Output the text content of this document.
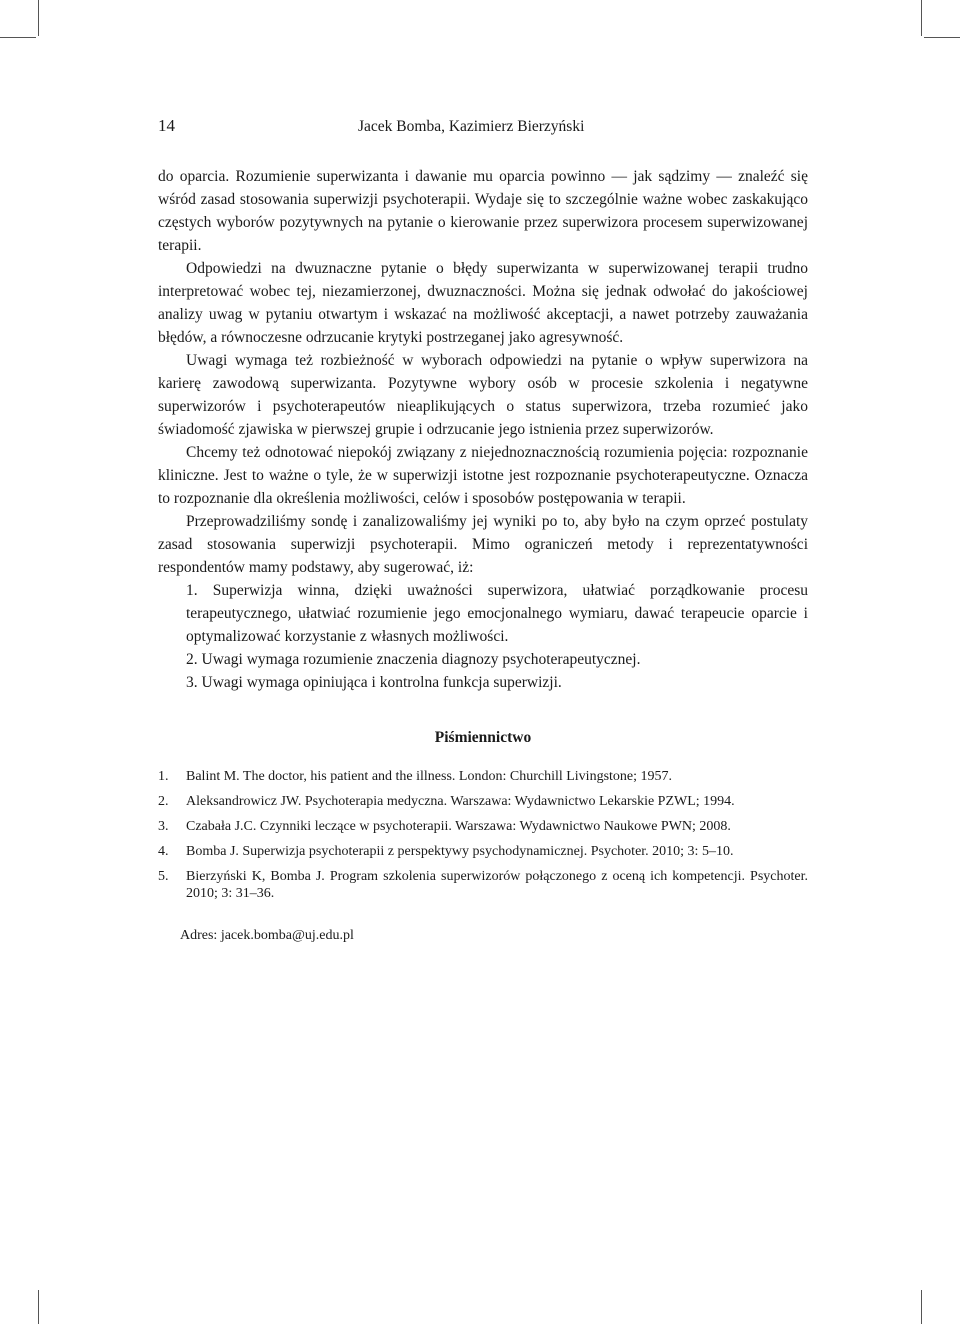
14	Jacek Bomba, Kazimierz Bierzyński

do oparcia. Rozumienie superwizanta i dawanie mu oparcia powinno — jak sądzimy — znaleźć się wśród zasad stosowania superwizji psychoterapii. Wydaje się to szczególnie ważne wobec zaskakująco częstych wyborów pozytywnych na pytanie o kierowanie przez superwizora procesem superwizowanej terapii.

Odpowiedzi na dwuznaczne pytanie o błędy superwizanta w superwizowanej terapii trudno interpretować wobec tej, niezamierzonej, dwuznaczności. Można się jednak odwołać do jakościowej analizy uwag w pytaniu otwartym i wskazać na możliwość akceptacji, a nawet potrzeby zauważania błędów, a równoczesne odrzucanie krytyki postrzeganej jako agresywność.

Uwagi wymaga też rozbieżność w wyborach odpowiedzi na pytanie o wpływ superwizora na karierę zawodową superwizanta. Pozytywne wybory osób w procesie szkolenia i negatywne superwizorów i psychoterapeutów nieaplikujących o status superwizora, trzeba rozumieć jako świadomość zjawiska w pierwszej grupie i odrzucanie jego istnienia przez superwizorów.

Chcemy też odnotować niepokój związany z niejednoznacznością rozumienia pojęcia: rozpoznanie kliniczne. Jest to ważne o tyle, że w superwizji istotne jest rozpoznanie psychoterapeutyczne. Oznacza to rozpoznanie dla określenia możliwości, celów i sposobów postępowania w terapii.

Przeprowadziliśmy sondę i zanalizowaliśmy jej wyniki po to, aby było na czym oprzeć postulaty zasad stosowania superwizji psychoterapii. Mimo ograniczeń metody i reprezentatywności respondentów mamy podstawy, aby sugerować, iż:

1. Superwizja winna, dzięki uważności superwizora, ułatwiać porządkowanie procesu terapeutycznego, ułatwiać rozumienie jego emocjonalnego wymiaru, dawać terapeucie oparcie i optymalizować korzystanie z własnych możliwości.
2. Uwagi wymaga rozumienie znaczenia diagnozy psychoterapeutycznej.
3. Uwagi wymaga opiniująca i kontrolna funkcja superwizji.
Piśmiennictwo
1.	Balint M. The doctor, his patient and the illness. London: Churchill Livingstone; 1957.
2.	Aleksandrowicz JW. Psychoterapia medyczna. Warszawa: Wydawnictwo Lekarskie PZWL; 1994.
3.	Czabała J.C. Czynniki leczące w psychoterapii. Warszawa: Wydawnictwo Naukowe PWN; 2008.
4.	Bomba J. Superwizja psychoterapii z perspektywy psychodynamicznej. Psychoter. 2010; 3: 5–10.
5.	Bierzyński K, Bomba J. Program szkolenia superwizorów połączonego z oceną ich kompetencji. Psychoter. 2010; 3: 31–36.
Adres: jacek.bomba@uj.edu.pl
